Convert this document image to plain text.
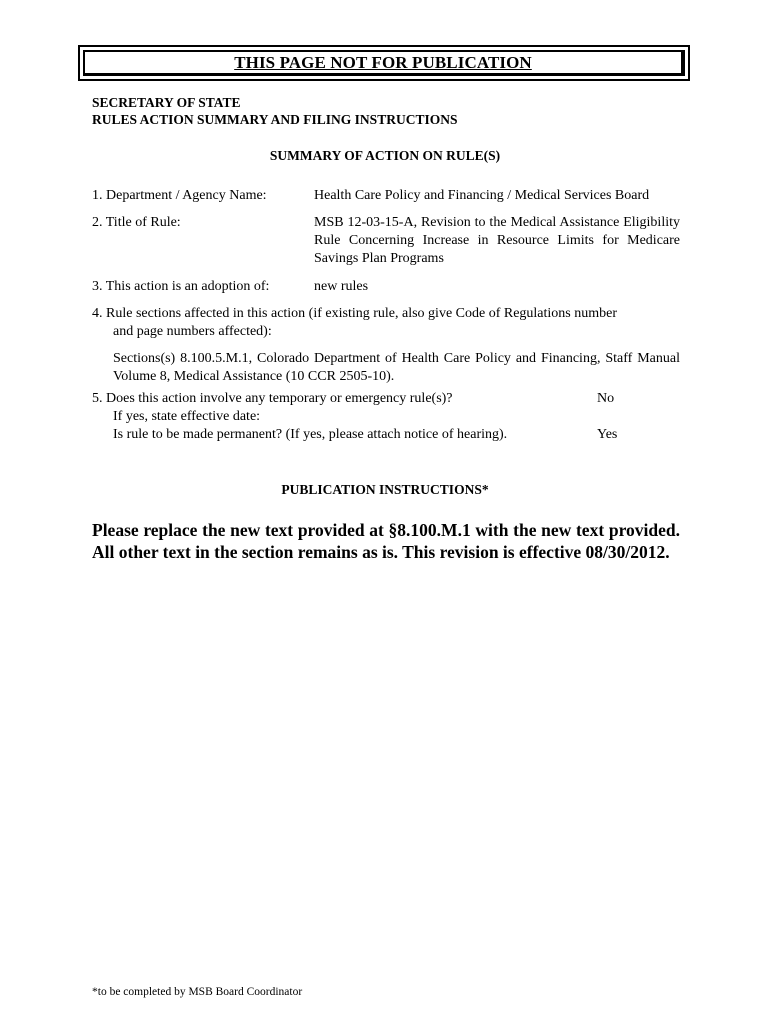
THIS PAGE NOT FOR PUBLICATION
SECRETARY OF STATE
RULES ACTION SUMMARY AND FILING INSTRUCTIONS
SUMMARY OF ACTION ON RULE(S)
1. Department / Agency Name:	Health Care Policy and Financing / Medical Services Board
2. Title of Rule:	MSB 12-03-15-A, Revision to the Medical Assistance Eligibility Rule Concerning Increase in Resource Limits for Medicare Savings Plan Programs
3. This action is an adoption of:	new rules
4. Rule sections affected in this action (if existing rule, also give Code of Regulations number
and page numbers affected):
Sections(s) 8.100.5.M.1, Colorado Department of Health Care Policy and Financing, Staff Manual Volume 8, Medical Assistance (10 CCR 2505-10).
5. Does this action involve any temporary or emergency rule(s)?	No
If yes, state effective date:
Is rule to be made permanent? (If yes, please attach notice of hearing).	Yes
PUBLICATION INSTRUCTIONS*
Please replace the new text provided at §8.100.M.1 with the new text provided. All other text in the section remains as is. This revision is effective 08/30/2012.
*to be completed by MSB Board Coordinator
